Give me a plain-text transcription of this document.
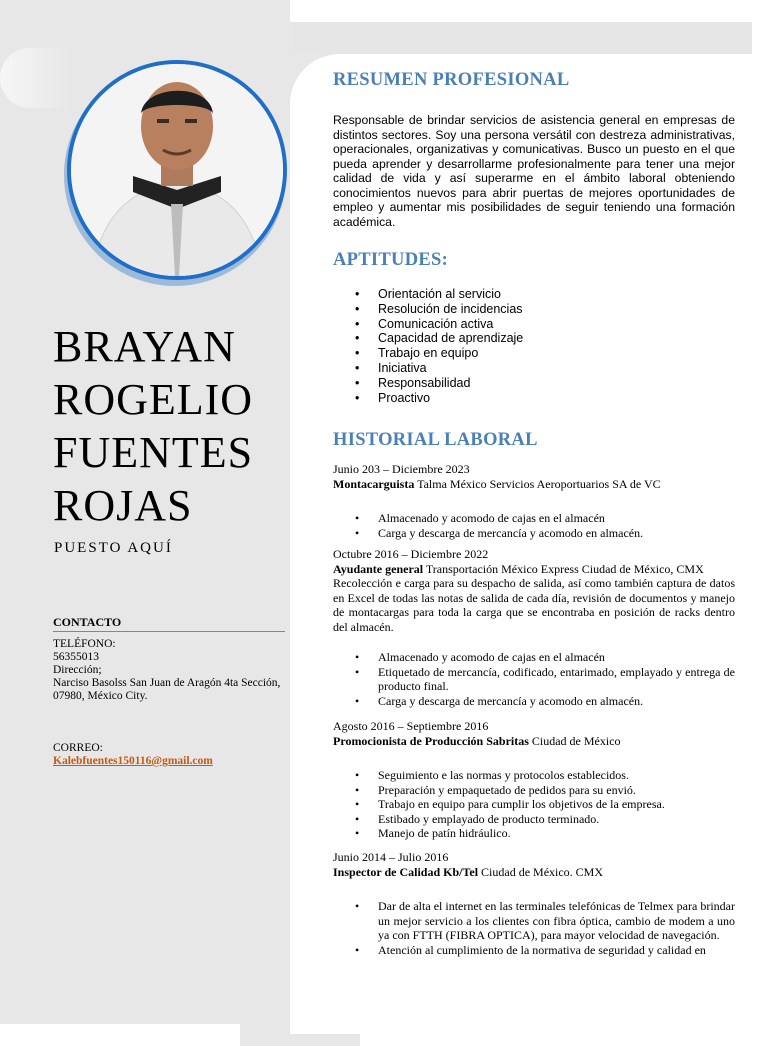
BRAYAN
ROGELIO
FUENTES
ROJAS
PUESTO AQUÍ
CONTACTO
TELÉFONO:
56355013
Dirección;
Narciso Basolss San Juan de Aragón 4ta Sección,
07980, México City.
CORREO:
Kalebfuentes150116@gmail.com
RESUMEN PROFESIONAL
Responsable de brindar servicios de asistencia general en empresas de distintos sectores. Soy una persona versátil con destreza administrativas, operacionales, organizativas y comunicativas. Busco un puesto en el que pueda aprender y desarrollarme profesionalmente para tener una mejor calidad de vida y así superarme en el ámbito laboral obteniendo conocimientos nuevos para abrir puertas de mejores oportunidades de empleo y aumentar mis posibilidades de seguir teniendo una formación académica.
APTITUDES:
• Orientación al servicio
• Resolución de incidencias
• Comunicación activa
• Capacidad de aprendizaje
• Trabajo en equipo
• Iniciativa
• Responsabilidad
• Proactivo
HISTORIAL LABORAL
Junio 203 – Diciembre 2023
Montacarguista Talma México Servicios Aeroportuarios SA de VC
• Almacenado y acomodo de cajas en el almacén
• Carga y descarga de mercancía y acomodo en almacén.
Octubre 2016 – Diciembre 2022
Ayudante general Transportación México Express Ciudad de México, CMX
Recolección e carga para su despacho de salida, así como también captura de datos en Excel de todas las notas de salida de cada día, revisión de documentos y manejo de montacargas para toda la carga que se encontraba en posición de racks dentro del almacén.
• Almacenado y acomodo de cajas en el almacén
• Etiquetado de mercancía, codificado, entarimado, emplayado y entrega de producto final.
• Carga y descarga de mercancía y acomodo en almacén.
Agosto 2016 – Septiembre 2016
Promocionista de Producción Sabritas Ciudad de México
• Seguimiento e las normas y protocolos establecidos.
• Preparación y empaquetado de pedidos para su envió.
• Trabajo en equipo para cumplir los objetivos de la empresa.
• Estibado y emplayado de producto terminado.
• Manejo de patín hidráulico.
Junio 2014 – Julio 2016
Inspector de Calidad Kb/Tel Ciudad de México. CMX
• Dar de alta el internet en las terminales telefónicas de Telmex para brindar un mejor servicio a los clientes con fibra óptica, cambio de modem a uno ya con FTTH (FIBRA OPTICA), para mayor velocidad de navegación.
• Atención al cumplimiento de la normativa de seguridad y calidad en
